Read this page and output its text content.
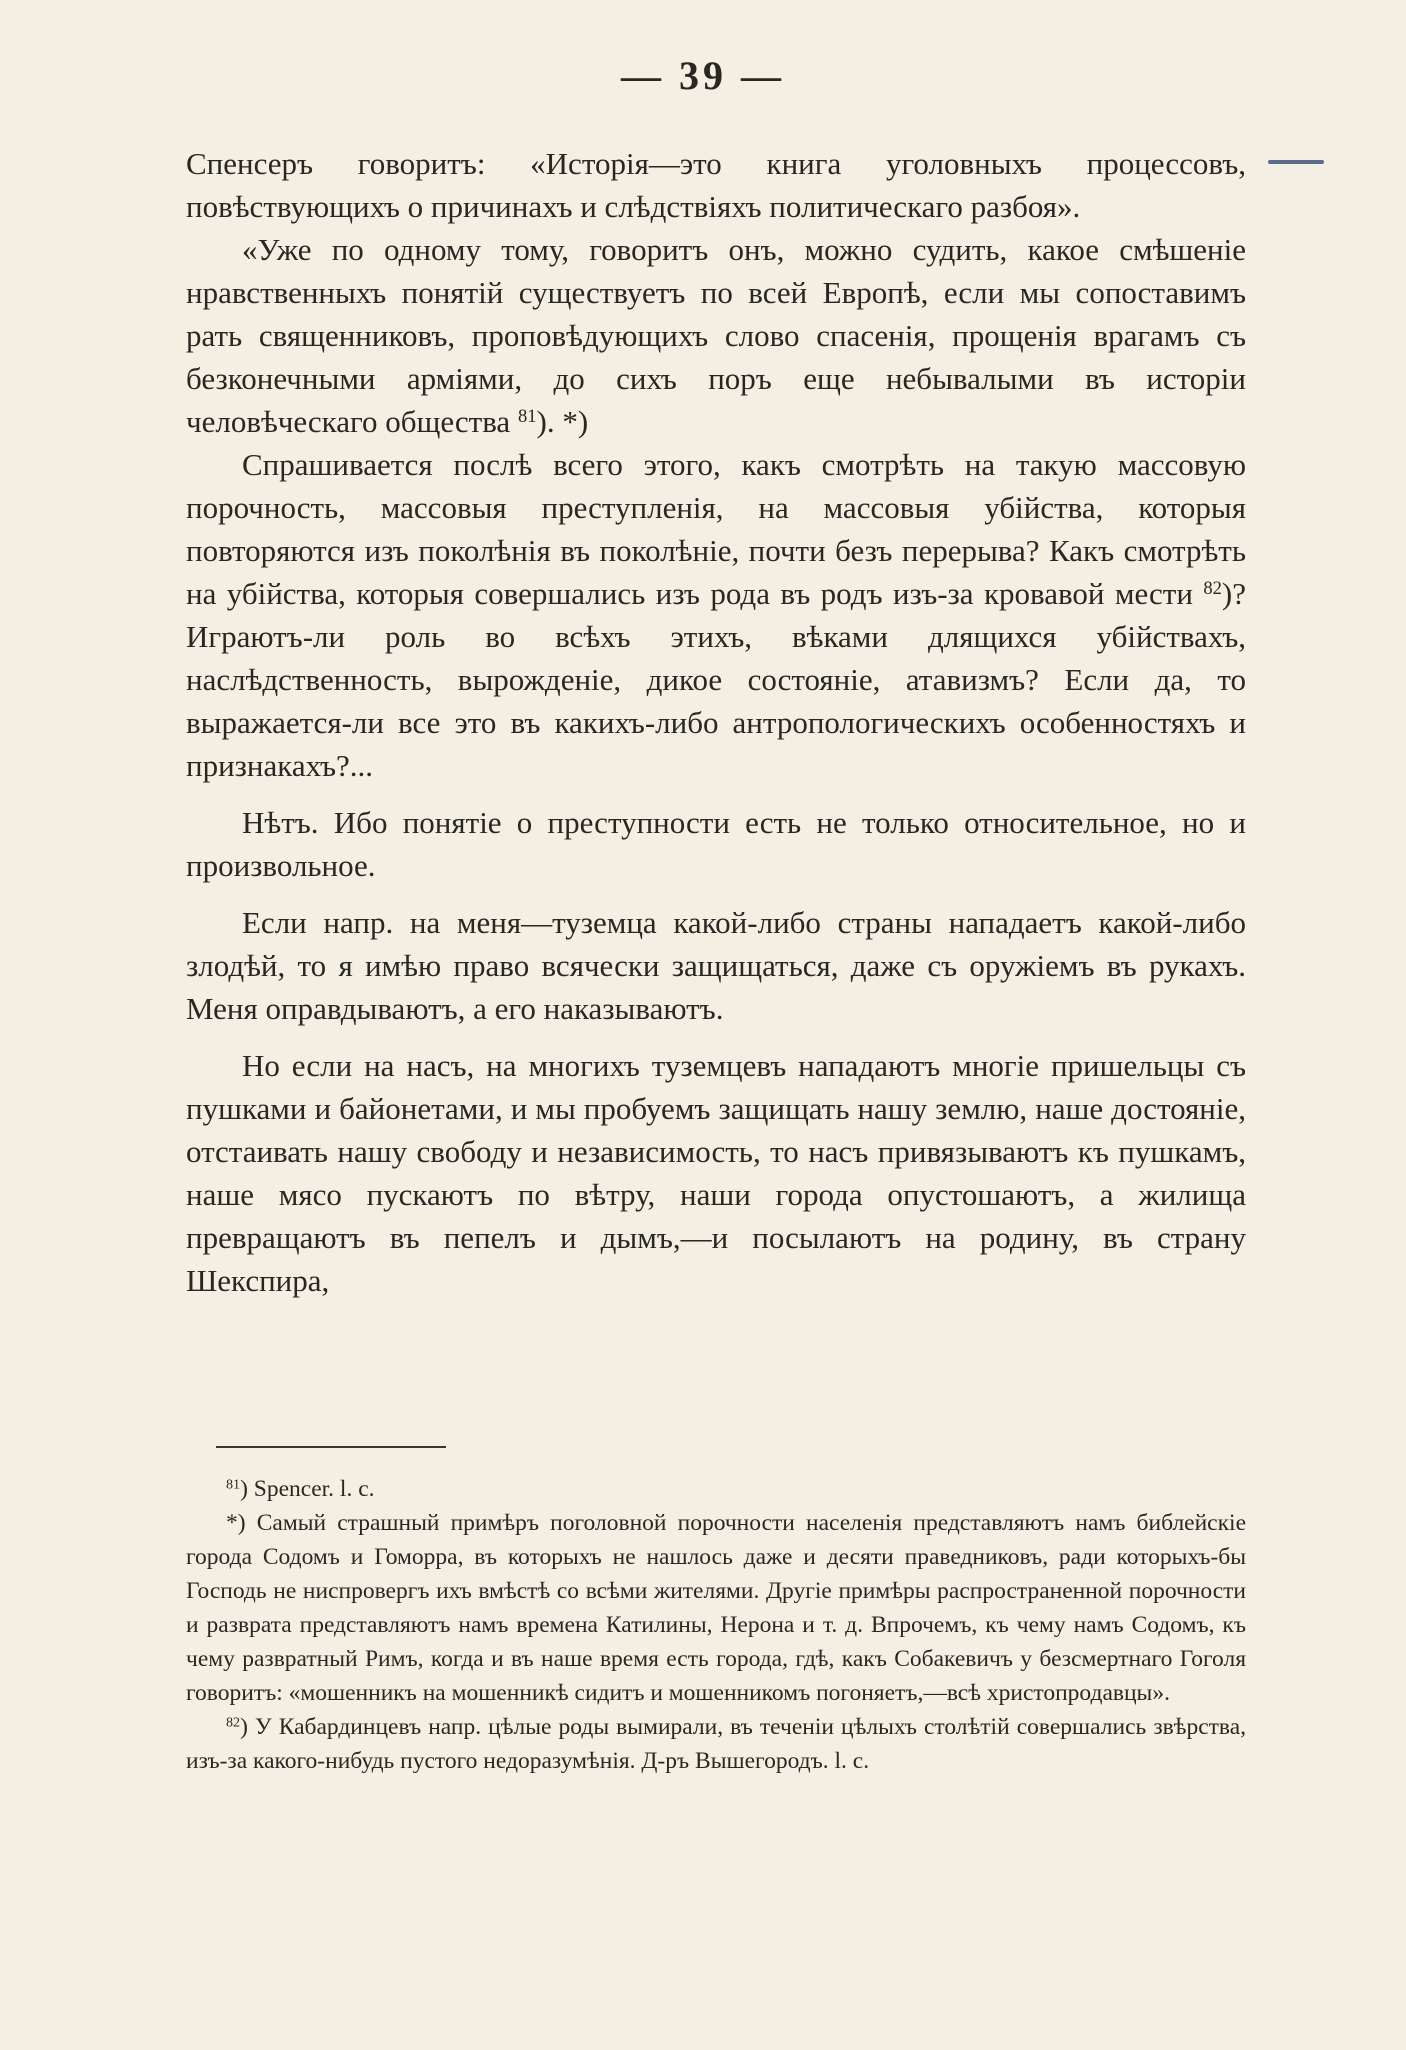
— 39 —

Спенсеръ говоритъ: «Исторія—это книга уголовныхъ процессовъ, повѣствующихъ о причинахъ и слѣдствіяхъ политическаго разбоя».

«Уже по одному тому, говоритъ онъ, можно судить, какое смѣшеніе нравственныхъ понятій существуетъ по всей Европѣ, если мы сопоставимъ рать священниковъ, проповѣдующихъ слово спасенія, прощенія врагамъ съ безконечными арміями, до сихъ поръ еще небывалыми въ исторіи человѣческаго общества $^{81}$). *)

Спрашивается послѣ всего этого, какъ смотрѣть на такую массовую порочность, массовыя преступленія, на массовыя убійства, которыя повторяются изъ поколѣнія въ поколѣніе, почти безъ перерыва? Какъ смотрѣть на убійства, которыя совершались изъ рода въ родъ изъ-за кровавой мести $^{82}$)? Играютъ-ли роль во всѣхъ этихъ, вѣками длящихся убійствахъ, наслѣдственность, вырожденіе, дикое состояніе, атавизмъ? Если да, то выражается-ли все это въ какихъ-либо антропологическихъ особенностяхъ и признакахъ?...

Нѣтъ. Ибо понятіе о преступности есть не только относительное, но и произвольное.

Если напр. на меня—туземца какой-либо страны нападаетъ какой-либо злодѣй, то я имѣю право всячески защищаться, даже съ оружіемъ въ рукахъ. Меня оправдываютъ, а его наказываютъ.

Но если на насъ, на многихъ туземцевъ нападаютъ многіе пришельцы съ пушками и байонетами, и мы пробуемъ защищать нашу землю, наше достояніе, отстаивать нашу свободу и независимость, то насъ привязываютъ къ пушкамъ, наше мясо пускаютъ по вѣтру, наши города опустошаютъ, а жилища превращаютъ въ пепелъ и дымъ,—и посылаютъ на родину, въ страну Шекспира,

$^{81}$) Spencer. l. c.

*) Самый страшный примѣръ поголовной порочности населенія представляютъ намъ библейскіе города Содомъ и Гоморра, въ которыхъ не нашлось даже и десяти праведниковъ, ради которыхъ-бы Господь не ниспровергъ ихъ вмѣстѣ со всѣми жителями. Другіе примѣры распространенной порочности и разврата представляютъ намъ времена Катилины, Нерона и т. д. Впрочемъ, къ чему намъ Содомъ, къ чему развратный Римъ, когда и въ наше время есть города, гдѣ, какъ Собакевичъ у безсмертнаго Гоголя говоритъ: «мошенникъ на мошенникѣ сидитъ и мошенникомъ погоняетъ,—всѣ христопродавцы».

$^{82}$) У Кабардинцевъ напр. цѣлые роды вымирали, въ теченіи цѣлыхъ столѣтій совершались звѣрства, изъ-за какого-нибудь пустого недоразумѣнія. Д-ръ Вышегородъ. l. c.
